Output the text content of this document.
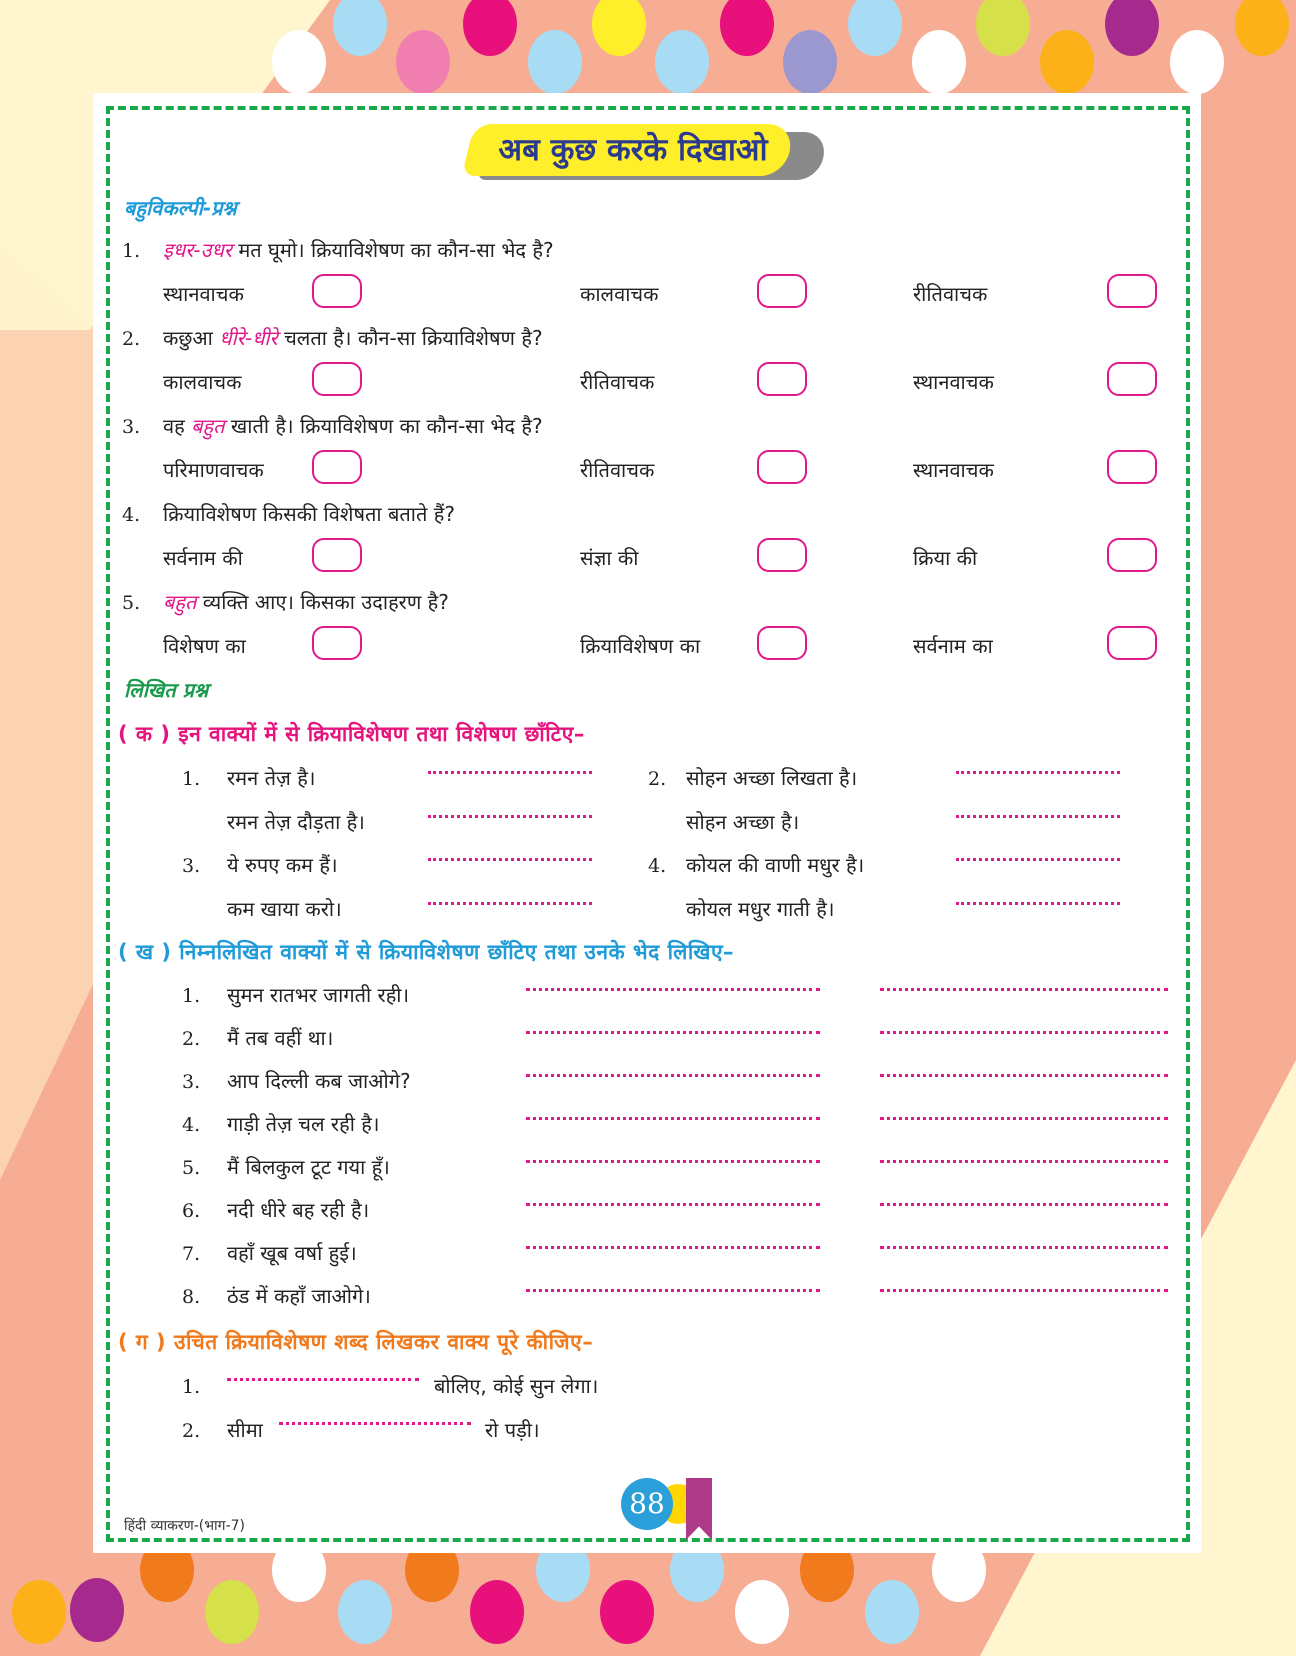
अब कुछ करके दिखाओ
बहुविकल्पी-प्रश्न
1. इधर-उधर मत घूमो। क्रियाविशेषण का कौन-सा भेद है?
स्थानवाचक	कालवाचक	रीतिवाचक
2. कछुआ धीरे-धीरे चलता है। कौन-सा क्रियाविशेषण है?
कालवाचक	रीतिवाचक	स्थानवाचक
3. वह बहुत खाती है। क्रियाविशेषण का कौन-सा भेद है?
परिमाणवाचक	रीतिवाचक	स्थानवाचक
4. क्रियाविशेषण किसकी विशेषता बताते हैं?
सर्वनाम की	संज्ञा की	क्रिया की
5. बहुत व्यक्ति आए। किसका उदाहरण है?
विशेषण का	क्रियाविशेषण का	सर्वनाम का
लिखित प्रश्न
( क ) इन वाक्यों में से क्रियाविशेषण तथा विशेषण छाँटिए–
1. रमन तेज़ है।
रमन तेज़ दौड़ता है।
3. ये रुपए कम हैं।
कम खाया करो।
2. सोहन अच्छा लिखता है।
सोहन अच्छा है।
4. कोयल की वाणी मधुर है।
कोयल मधुर गाती है।
( ख ) निम्नलिखित वाक्यों में से क्रियाविशेषण छाँटिए तथा उनके भेद लिखिए–
1. सुमन रातभर जागती रही।
2. मैं तब वहीं था।
3. आप दिल्ली कब जाओगे?
4. गाड़ी तेज़ चल रही है।
5. मैं बिलकुल टूट गया हूँ।
6. नदी धीरे बह रही है।
7. वहाँ खूब वर्षा हुई।
8. ठंड में कहाँ जाओगे।
( ग ) उचित क्रियाविशेषण शब्द लिखकर वाक्य पूरे कीजिए–
1.	बोलिए, कोई सुन लेगा।
2. सीमा	रो पड़ी।
88
हिंदी व्याकरण-(भाग-7)
